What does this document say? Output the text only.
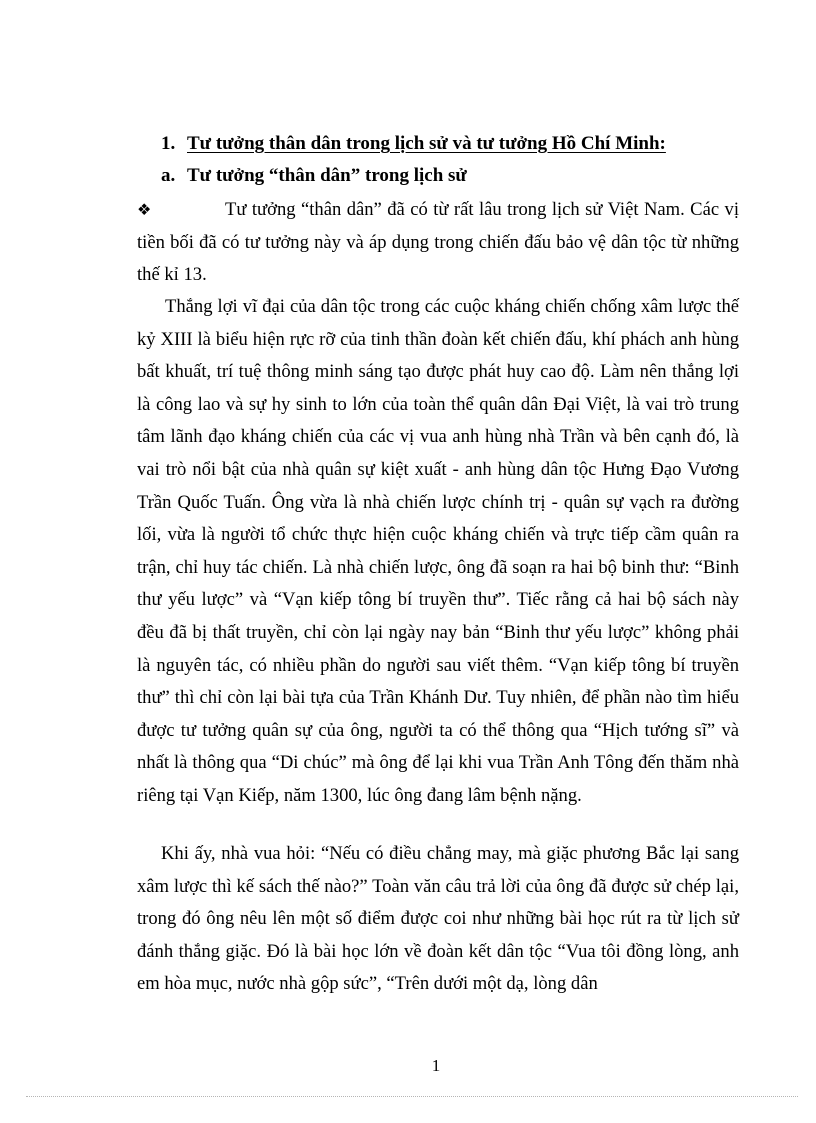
1. Tư tưởng thân dân trong lịch sử và tư tưởng Hồ Chí Minh:
a. Tư tưởng “thân dân” trong lịch sử

❖	Tư tưởng “thân dân” đã có từ rất lâu trong lịch sử Việt Nam. Các vị tiền bối đã có tư tưởng này và áp dụng trong chiến đấu bảo vệ dân tộc từ những thế kỉ 13.

Thắng lợi vĩ đại của dân tộc trong các cuộc kháng chiến chống xâm lược thế kỷ XIII là biểu hiện rực rỡ của tinh thần đoàn kết chiến đấu, khí phách anh hùng bất khuất, trí tuệ thông minh sáng tạo được phát huy cao độ. Làm nên thắng lợi là công lao và sự hy sinh to lớn của toàn thể quân dân Đại Việt, là vai trò trung tâm lãnh đạo kháng chiến của các vị vua anh hùng nhà Trần và bên cạnh đó, là vai trò nổi bật của nhà quân sự kiệt xuất - anh hùng dân tộc Hưng Đạo Vương Trần Quốc Tuấn. Ông vừa là nhà chiến lược chính trị - quân sự vạch ra đường lối, vừa là người tổ chức thực hiện cuộc kháng chiến và trực tiếp cầm quân ra trận, chỉ huy tác chiến. Là nhà chiến lược, ông đã soạn ra hai bộ binh thư: “Binh thư yếu lược” và “Vạn kiếp tông bí truyền thư”. Tiếc rằng cả hai bộ sách này đều đã bị thất truyền, chỉ còn lại ngày nay bản “Binh thư yếu lược” không phải là nguyên tác, có nhiều phần do người sau viết thêm. “Vạn kiếp tông bí truyền thư” thì chỉ còn lại bài tựa của Trần Khánh Dư. Tuy nhiên, để phần nào tìm hiểu được tư tưởng quân sự của ông, người ta có thể thông qua “Hịch tướng sĩ” và nhất là thông qua “Di chúc” mà ông để lại khi vua Trần Anh Tông đến thăm nhà riêng tại Vạn Kiếp, năm 1300, lúc ông đang lâm bệnh nặng.

Khi ấy, nhà vua hỏi: “Nếu có điều chẳng may, mà giặc phương Bắc lại sang xâm lược thì kế sách thế nào?” Toàn văn câu trả lời của ông đã được sử chép lại, trong đó ông nêu lên một số điểm được coi như những bài học rút ra từ lịch sử đánh thắng giặc. Đó là bài học lớn về đoàn kết dân tộc “Vua tôi đồng lòng, anh em hòa mục, nước nhà gộp sức”, “Trên dưới một dạ, lòng dân

1
